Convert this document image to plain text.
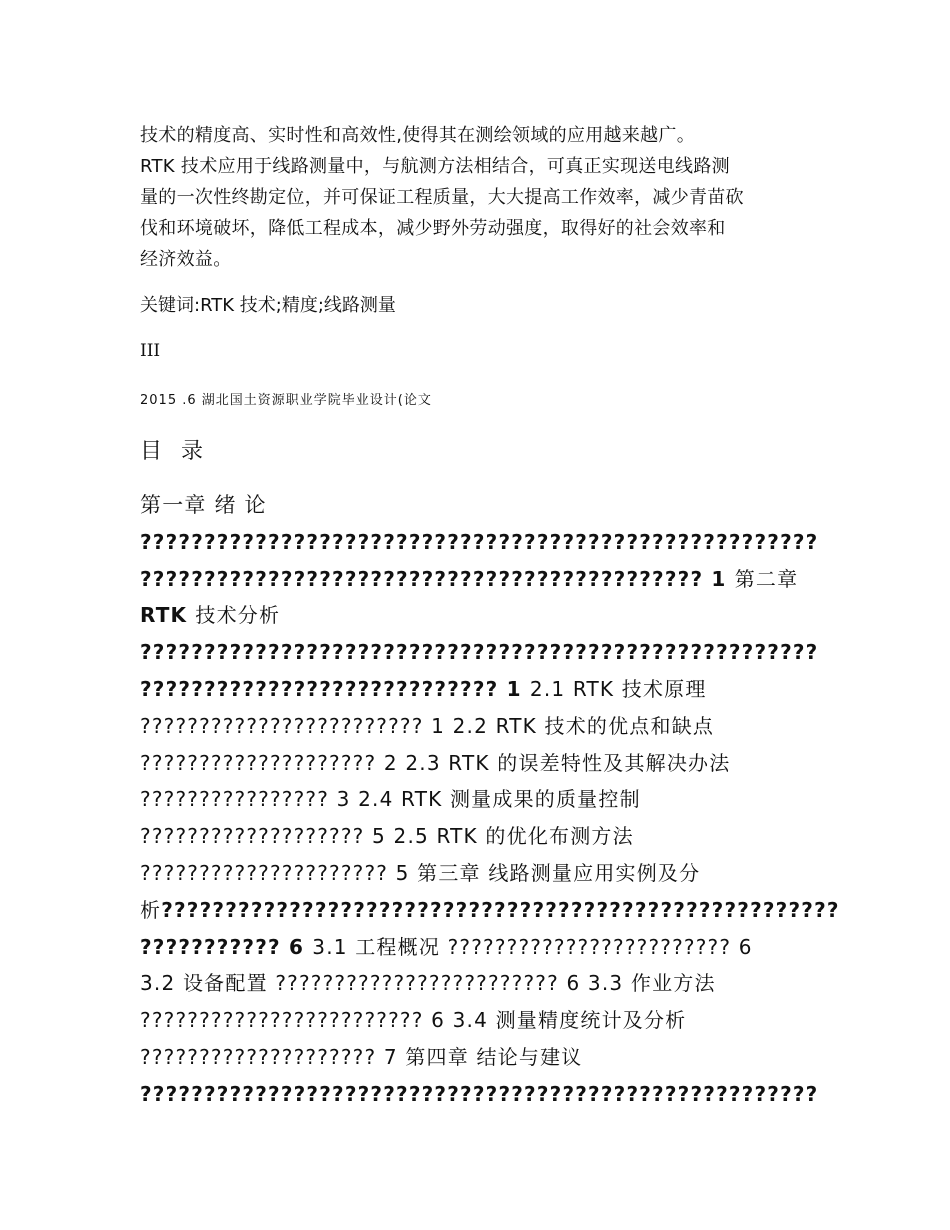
技术的精度高、实时性和高效性,使得其在测绘领域的应用越来越广。

RTK 技术应用于线路测量中，与航测方法相结合，可真正实现送电线路测

量的一次性终勘定位，并可保证工程质量，大大提高工作效率，减少青苗砍

伐和环境破坏，降低工程成本，减少野外劳动强度，取得好的社会效率和

经济效益。

关键词:RTK 技术;精度;线路测量
III
2015 .6 湖北国土资源职业学院毕业设计(论文
目 录
第一章 绪 论
?????????????????????????????????????????????????????
???????????????????????????????????????????? 1 第二章
RTK 技术分析
?????????????????????????????????????????????????????
???????????????????????????? 1 2.1 RTK 技术原理
???????????????????????? 1 2.2 RTK 技术的优点和缺点
???????????????????? 2 2.3 RTK 的误差特性及其解决办法
???????????????? 3 2.4 RTK 测量成果的质量控制
??????????????????? 5 2.5 RTK 的优化布测方法
????????????????????? 5 第三章 线路测量应用实例及分
析?????????????????????????????????????????????????????
??????????? 6 3.1 工程概况 ???????????????????????? 6
3.2 设备配置 ???????????????????????? 6 3.3 作业方法
???????????????????????? 6 3.4 测量精度统计及分析
???????????????????? 7 第四章 结论与建议
?????????????????????????????????????????????????????
